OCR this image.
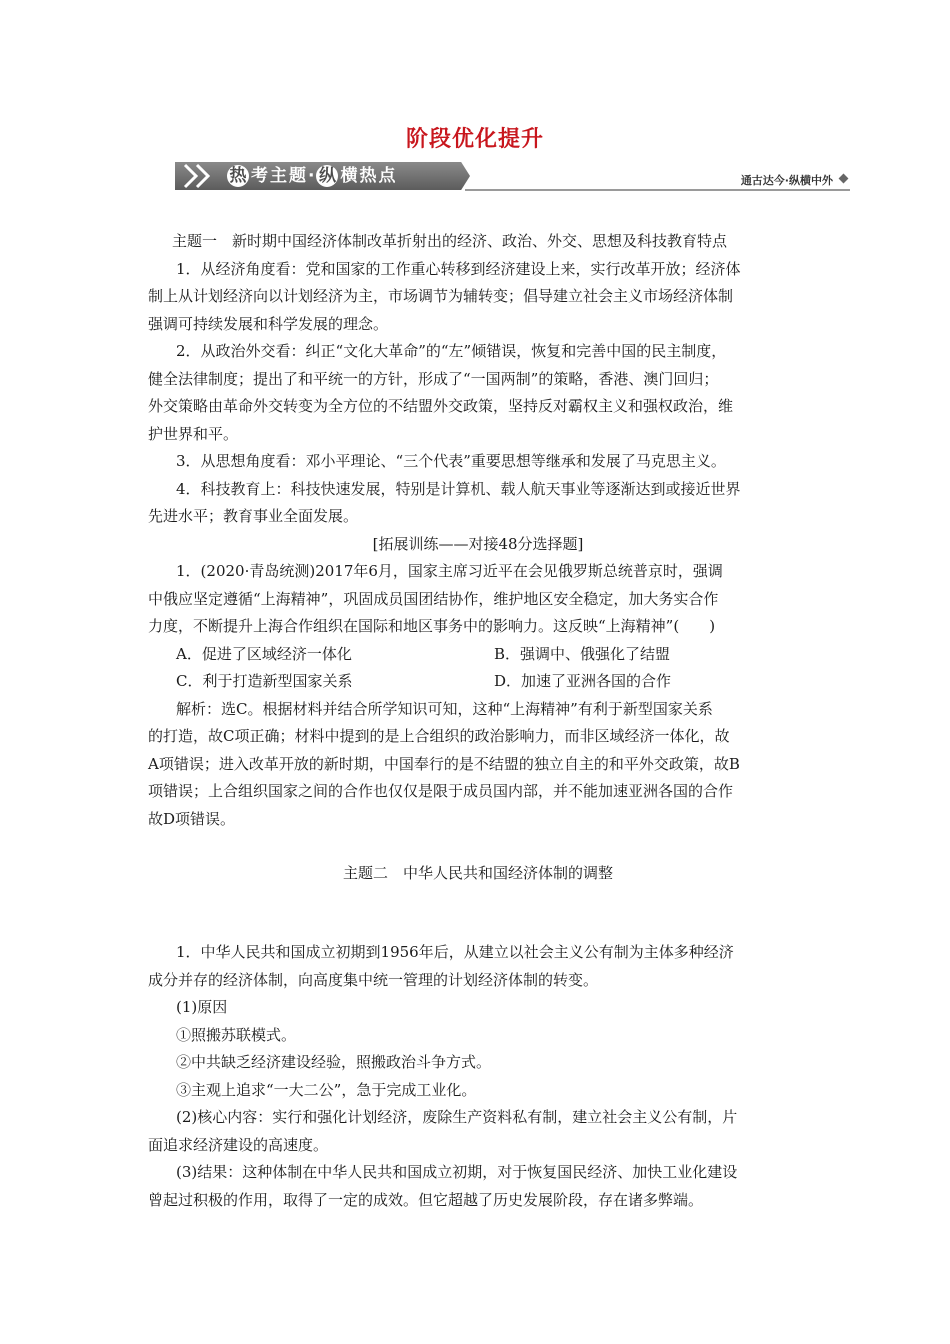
阶段优化提升
热 考主题· 纵 横热点	通古达今·纵横中外
主题一　新时期中国经济体制改革折射出的经济、政治、外交、思想及科技教育特点
1．从经济角度看：党和国家的工作重心转移到经济建设上来，实行改革开放；经济体
制上从计划经济向以计划经济为主，市场调节为辅转变；倡导建立社会主义市场经济体制
强调可持续发展和科学发展的理念。
2．从政治外交看：纠正“文化大革命”的“左”倾错误，恢复和完善中国的民主制度，
健全法律制度；提出了和平统一的方针，形成了“一国两制”的策略，香港、澳门回归；
外交策略由革命外交转变为全方位的不结盟外交政策，坚持反对霸权主义和强权政治，维
护世界和平。
3．从思想角度看：邓小平理论、“三个代表”重要思想等继承和发展了马克思主义。
4．科技教育上：科技快速发展，特别是计算机、载人航天事业等逐渐达到或接近世界
先进水平；教育事业全面发展。
[拓展训练——对接48分选择题]
1．(2020·青岛统测)2017年6月，国家主席习近平在会见俄罗斯总统普京时，强调
中俄应坚定遵循“上海精神”，巩固成员国团结协作，维护地区安全稳定，加大务实合作
力度，不断提升上海合作组织在国际和地区事务中的影响力。这反映“上海精神”(　　)
A．促进了区域经济一体化	B．强调中、俄强化了结盟
C．利于打造新型国家关系	D．加速了亚洲各国的合作
解析：选C。根据材料并结合所学知识可知，这种“上海精神”有利于新型国家关系
的打造，故C项正确；材料中提到的是上合组织的政治影响力，而非区域经济一体化，故
A项错误；进入改革开放的新时期，中国奉行的是不结盟的独立自主的和平外交政策，故B
项错误；上合组织国家之间的合作也仅仅是限于成员国内部，并不能加速亚洲各国的合作
故D项错误。
主题二　中华人民共和国经济体制的调整
1．中华人民共和国成立初期到1956年后，从建立以社会主义公有制为主体多种经济
成分并存的经济体制，向高度集中统一管理的计划经济体制的转变。
(1)原因
①照搬苏联模式。
②中共缺乏经济建设经验，照搬政治斗争方式。
③主观上追求“一大二公”，急于完成工业化。
(2)核心内容：实行和强化计划经济，废除生产资料私有制，建立社会主义公有制，片
面追求经济建设的高速度。
(3)结果：这种体制在中华人民共和国成立初期，对于恢复国民经济、加快工业化建设
曾起过积极的作用，取得了一定的成效。但它超越了历史发展阶段，存在诸多弊端。
